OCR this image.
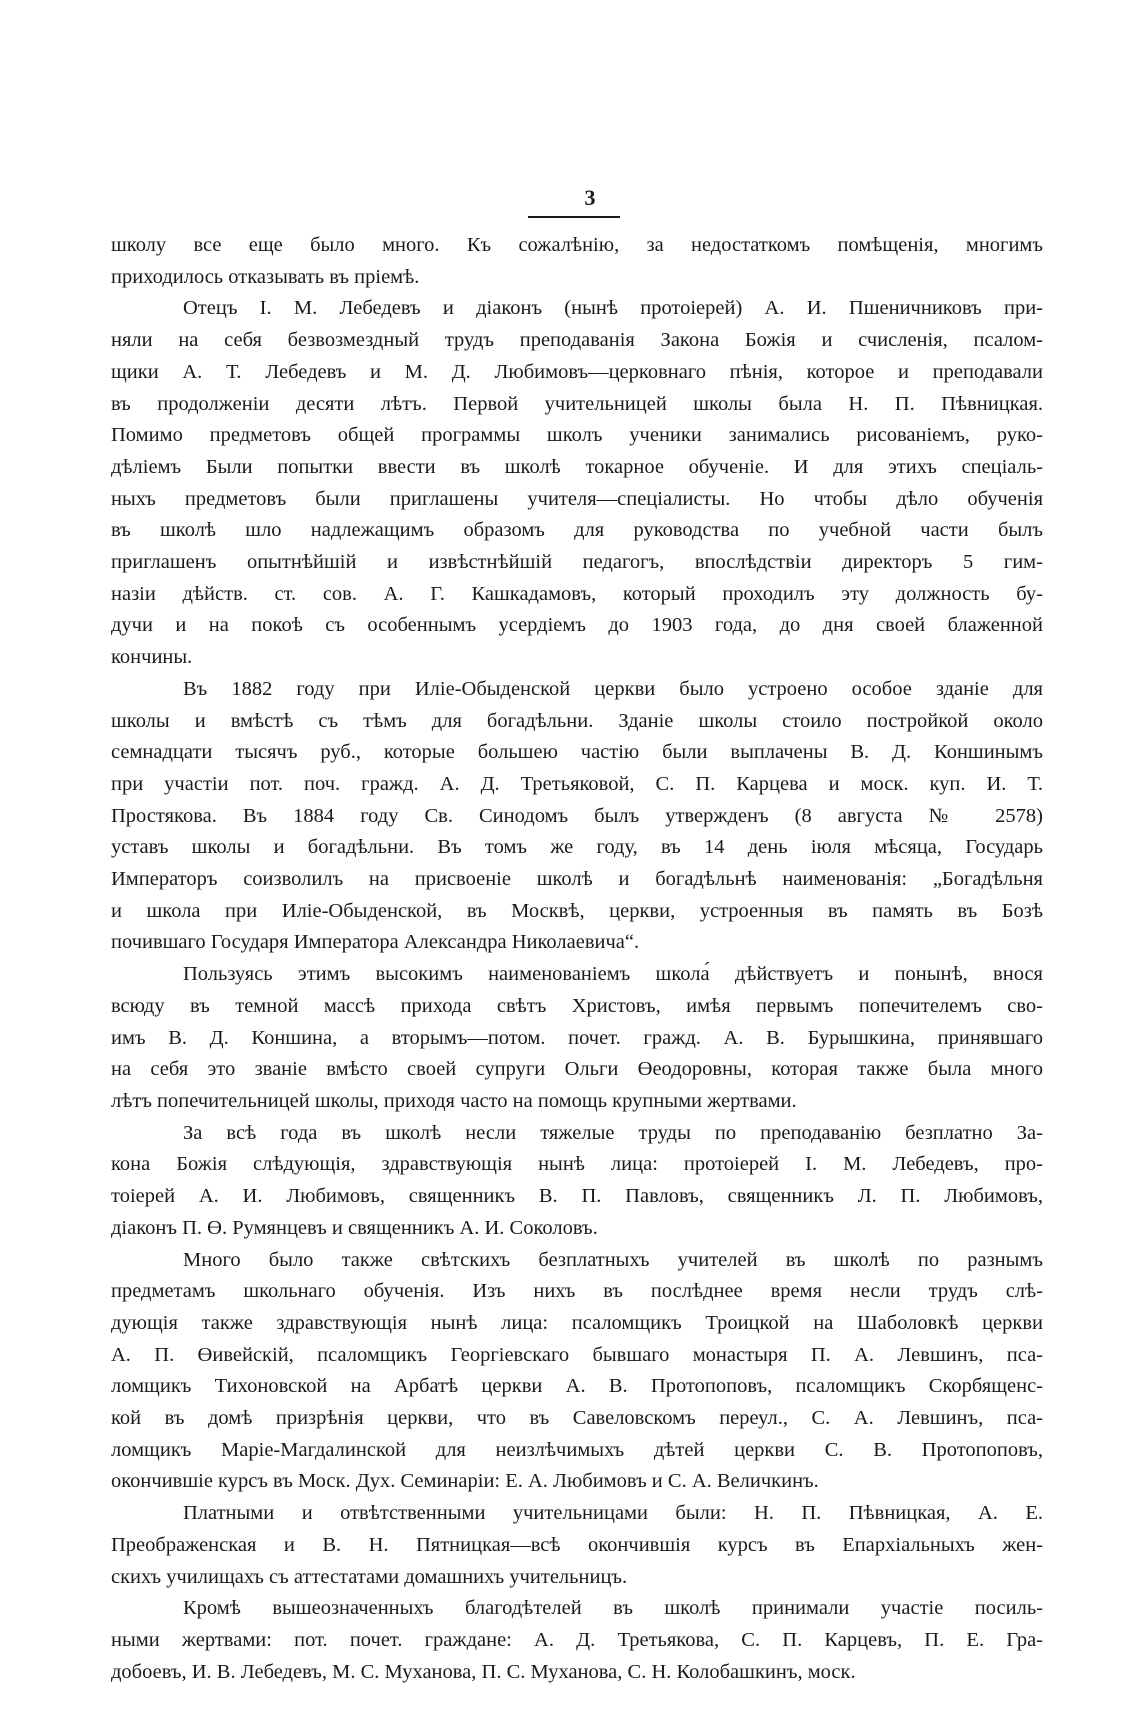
3

школу все еще было много. Къ сожалѣнію, за недостаткомъ помѣщенія, многимъ
приходилось отказывать въ пріемѣ.

Отецъ І. М. Лебедевъ и діаконъ (нынѣ протоіерей) А. И. Пшеничниковъ при-
няли на себя безвозмездный трудъ преподаванія Закона Божія и счисленія, псалом-
щики А. Т. Лебедевъ и М. Д. Любимовъ—церковнаго пѣнія, которое и преподавали
въ продолженіи десяти лѣтъ. Первой учительницей школы была Н. П. Пѣвницкая.
Помимо предметовъ общей программы школъ ученики занимались рисованіемъ, руко-
дѣліемъ Были попытки ввести въ школѣ токарное обученіе. И для этихъ спеціаль-
ныхъ предметовъ были приглашены учителя—спеціалисты. Но чтобы дѣло обученія
въ школѣ шло надлежащимъ образомъ для руководства по учебной части былъ
приглашенъ опытнѣйшій и извѣстнѣйшій педагогъ, впослѣдствіи директоръ 5 гим-
назіи дѣйств. ст. сов. А. Г. Кашкадамовъ, который проходилъ эту должность бу-
дучи и на покоѣ съ особеннымъ усердіемъ до 1903 года, до дня своей блаженной
кончины.

Въ 1882 году при Иліе-Обыденской церкви было устроено особое зданіе для
школы и вмѣстѣ съ тѣмъ для богадѣльни. Зданіе школы стоило постройкой около
семнадцати тысячъ руб., которые большею частію были выплачены В. Д. Коншинымъ
при участіи пот. поч. гражд. А. Д. Третьяковой, С. П. Карцева и моск. куп. И. Т.
Простякова. Въ 1884 году Св. Синодомъ былъ утвержденъ (8 августа № 2578)
уставъ школы и богадѣльни. Въ томъ же году, въ 14 день іюля мѣсяца, Государь
Императоръ соизволилъ на присвоеніе школѣ и богадѣльнѣ наименованія: „Богадѣльня
и школа при Иліе-Обыденской, въ Москвѣ, церкви, устроенныя въ память въ Бозѣ
почившаго Государя Императора Александра Николаевича“.

Пользуясь этимъ высокимъ наименованіемъ школа́ дѣйствуетъ и понынѣ, внося
всюду въ темной массѣ прихода свѣтъ Христовъ, имѣя первымъ попечителемъ сво-
имъ В. Д. Коншина, а вторымъ—потом. почет. гражд. А. В. Бурышкина, принявшаго
на себя это званіе вмѣсто своей супруги Ольги Өеодоровны, которая также была много
лѣтъ попечительницей школы, приходя часто на помощь крупными жертвами.

За всѣ года въ школѣ несли тяжелые труды по преподаванію безплатно За-
кона Божія слѣдующія, здравствующія нынѣ лица: протоіерей І. М. Лебедевъ, про-
тоіерей А. И. Любимовъ, священникъ В. П. Павловъ, священникъ Л. П. Любимовъ,
діаконъ П. Ө. Румянцевъ и священникъ А. И. Соколовъ.

Много было также свѣтскихъ безплатныхъ учителей въ школѣ по разнымъ
предметамъ школьнаго обученія. Изъ нихъ въ послѣднее время несли трудъ слѣ-
дующія также здравствующія нынѣ лица: псаломщикъ Троицкой на Шаболовкѣ церкви
А. П. Өивейскій, псаломщикъ Георгіевскаго бывшаго монастыря П. А. Левшинъ, пса-
ломщикъ Тихоновской на Арбатѣ церкви А. В. Протопоповъ, псаломщикъ Скорбященс-
кой въ домѣ призрѣнія церкви, что въ Савеловскомъ переул., С. А. Левшинъ, пса-
ломщикъ Маріе-Магдалинской для неизлѣчимыхъ дѣтей церкви С. В. Протопоповъ,
окончившіе курсъ въ Моск. Дух. Семинаріи: Е. А. Любимовъ и С. А. Величкинъ.

Платными и отвѣтственными учительницами были: Н. П. Пѣвницкая, А. Е.
Преображенская и В. Н. Пятницкая—всѣ окончившія курсъ въ Епархіальныхъ жен-
скихъ училищахъ съ аттестатами домашнихъ учительницъ.

Кромѣ вышеозначенныхъ благодѣтелей въ школѣ принимали участіе посиль-
ными жертвами: пот. почет. граждане: А. Д. Третьякова, С. П. Карцевъ, П. Е. Гра-
добоевъ, И. В. Лебедевъ, М. С. Муханова, П. С. Муханова, С. Н. Колобашкинъ, моск.
